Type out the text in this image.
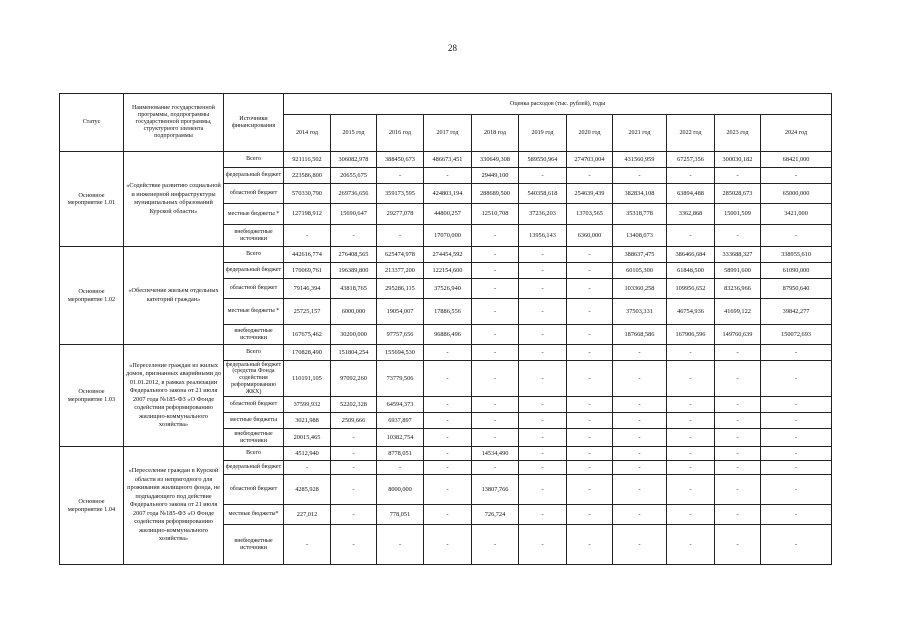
28
Статус	Наименование государственной программы, подпрограммы государственной программы, структурного элемента подпрограммы	Источники финансирования	Оценка расходов (тыс. рублей), годы										
			2014 год	2015 год	2016 год	2017 год	2018 год	2019 год	2020 год	2021 год	2022 год	2023 год	2024 год
Основное мероприятие 1.01	«Содействие развитию социальной и инженерной инфраструктуры муниципальных образований Курской области»	Всего	921116,502	306082,978	388450,673	486673,451	330649,308	589550,964	274703,004	431560,959	67257,356	300030,182	68421,000
		федеральный бюджет	223586,800	20655,675	-	-	29449,100	-	-	-	-	-	-
		областной бюджет	570330,790	269736,656	359173,595	424803,194	288689,500	540358,618	254639,439	382834,108	63894,488	285028,673	65000,000
		местные бюджеты *	127198,912	15690,647	29277,078	44800,257	12510,708	37236,203	13703,565	35318,778	3362,868	15001,509	3421,000
		внебюджетные источники	-	-	-	17070,000	-	13956,143	6360,000	13408,073	-	-	-
Основное мероприятие 1.02	«Обеспечение жильем отдельных категорий граждан»	Всего	442616,774	276408,565	625474,978	274454,592	-	-	-	388637,475	386466,684	333688,327	338955,610
		федеральный бюджет	170069,761	196389,800	213377,200	122154,600	-	-	-	60105,300	61848,500	58991,600	61090,000
		областной бюджет	79146,394	43818,765	295286,115	37526,940	-	-	-	103360,258	109956,652	83236,966	87950,640
		местные бюджеты *	25725,157	6000,000	19054,007	17886,556	-	-	-	37503,331	46754,936	41699,122	39842,277
		внебюджетные источники	167675,462	30200,000	97757,656	96886,496	-	-	-	187668,586	167906,596	149760,639	150072,693
Основное мероприятие 1.03	«Переселение граждан из жилых домов, признанных аварийными до 01.01.2012, в рамках реализации Федерального закона от 21 июля 2007 года №185-ФЗ «О Фонде содействия реформированию жилищно-коммунального хозяйства»	Всего	170828,490	151804,254	155694,530	-	-	-	-	-	-	-	-
		федеральный бюджет (средства Фонда содействия реформированию ЖКХ)	110191,105	97092,260	73779,506	-	-	-	-	-	-	-	-
		областной бюджет	37599,932	52202,328	64594,373	-	-	-	-	-	-	-	-
		местные бюджеты	3021,988	2509,666	6937,897	-	-	-	-	-	-	-	-
		внебюджетные источники	20015,465	-	10382,754	-	-	-	-	-	-	-	-
Основное мероприятие 1.04	«Переселение граждан в Курской области из непригодного для проживания жилищного фонда, не подпадающего под действие Федерального закона от 21 июля 2007 года №185-ФЗ «О Фонде содействия реформированию жилищно-коммунального хозяйства»	Всего	4512,940	-	8778,051	-	14534,490	-	-	-	-	-	-
		федеральный бюджет	-	-	-	-	-	-	-	-	-	-	-
		областной бюджет	4285,928	-	8000,000	-	13807,766	-	-	-	-	-	-
		местные бюджеты*	227,012	-	778,051	-	726,724	-	-	-	-	-	-
		внебюджетные источники	-	-	-	-	-	-	-	-	-	-	-
